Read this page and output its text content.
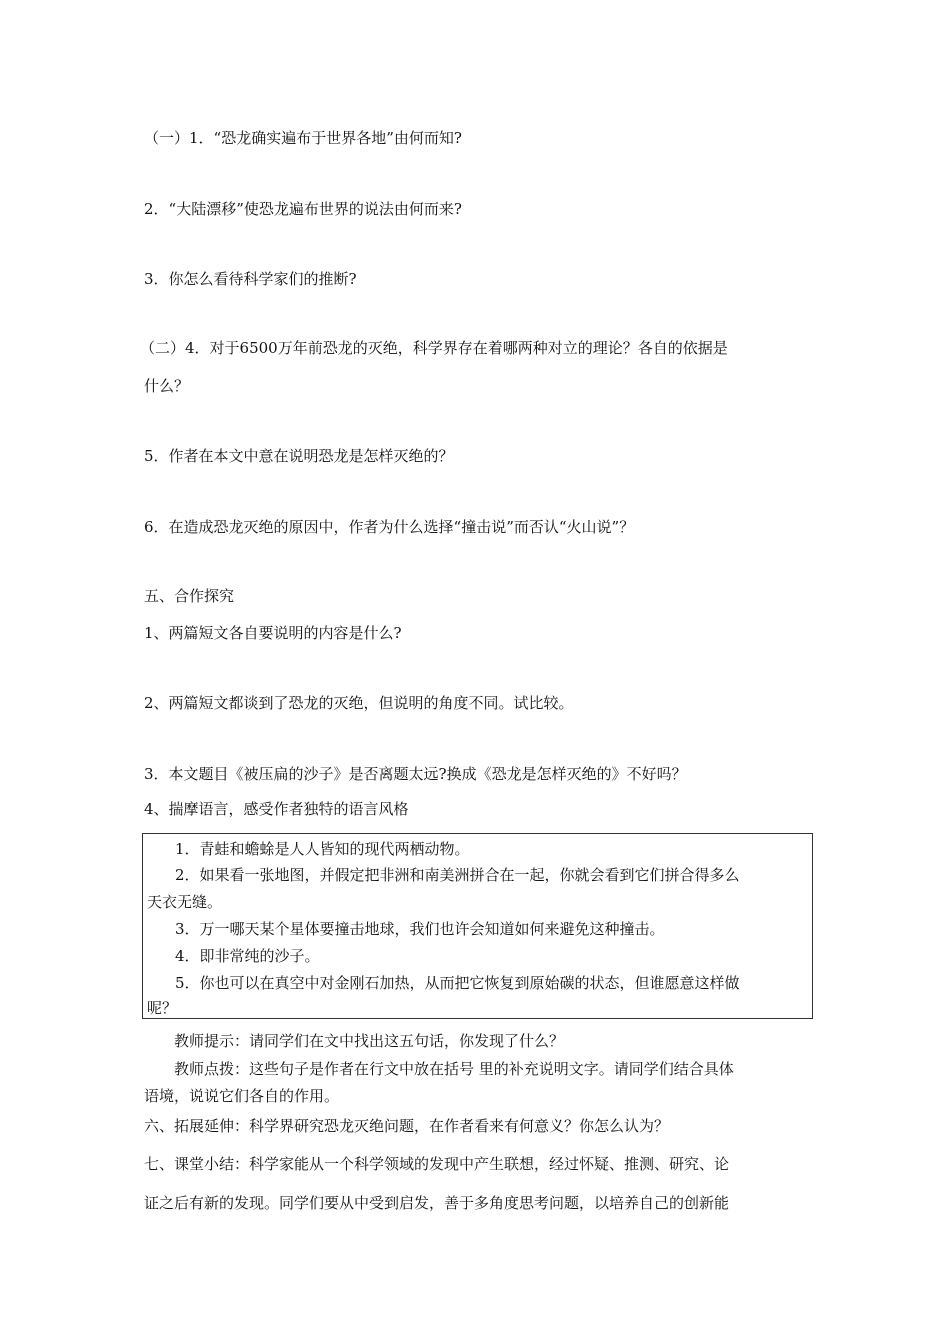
（一）1．“恐龙确实遍布于世界各地”由何而知?
2．“大陆漂移”使恐龙遍布世界的说法由何而来?
3．你怎么看待科学家们的推断?
（二）4．对于6500万年前恐龙的灭绝，科学界存在着哪两种对立的理论？各自的依据是
什么？
5．作者在本文中意在说明恐龙是怎样灭绝的？
6．在造成恐龙灭绝的原因中，作者为什么选择“撞击说”而否认“火山说”？
五、合作探究
1、两篇短文各自要说明的内容是什么?
2、两篇短文都谈到了恐龙的灭绝，但说明的角度不同。试比较。
3．本文题目《被压扁的沙子》是否离题太远?换成《恐龙是怎样灭绝的》不好吗？
4、揣摩语言，感受作者独特的语言风格
1．青蛙和蟾蜍是人人皆知的现代两栖动物。
2．如果看一张地图，并假定把非洲和南美洲拼合在一起，你就会看到它们拼合得多么
天衣无缝。
3．万一哪天某个星体要撞击地球，我们也许会知道如何来避免这种撞击。
4．即非常纯的沙子。
5．你也可以在真空中对金刚石加热，从而把它恢复到原始碳的状态，但谁愿意这样做
呢？
教师提示：请同学们在文中找出这五句话，你发现了什么？
教师点拨：这些句子是作者在行文中放在括号 里的补充说明文字。请同学们结合具体
语境，说说它们各自的作用。
六、拓展延伸：科学界研究恐龙灭绝问题，在作者看来有何意义？你怎么认为？
七、课堂小结：科学家能从一个科学领域的发现中产生联想，经过怀疑、推测、研究、论
证之后有新的发现。同学们要从中受到启发，善于多角度思考问题，以培养自己的创新能
